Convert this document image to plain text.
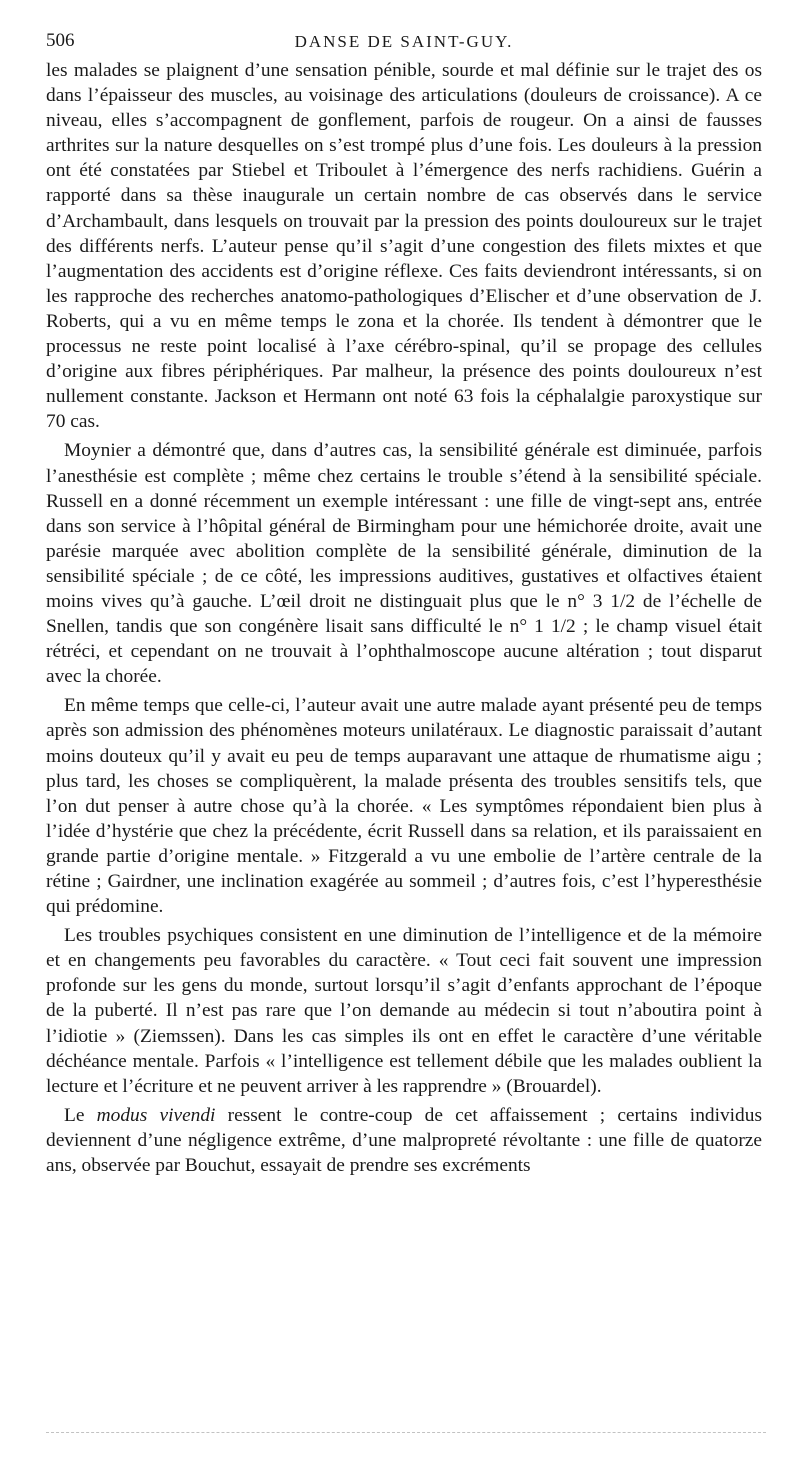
506	DANSE DE SAINT-GUY.

les malades se plaignent d’une sensation pénible, sourde et mal définie sur le trajet des os dans l’épaisseur des muscles, au voisinage des articulations (douleurs de croissance). A ce niveau, elles s’accompagnent de gonflement, parfois de rougeur. On a ainsi de fausses arthrites sur la nature desquelles on s’est trompé plus d’une fois. Les douleurs à la pression ont été constatées par Stiebel et Triboulet à l’émergence des nerfs rachidiens. Guérin a rapporté dans sa thèse inaugurale un certain nombre de cas observés dans le service d’Archambault, dans lesquels on trouvait par la pression des points douloureux sur le trajet des différents nerfs. L’auteur pense qu’il s’agit d’une congestion des filets mixtes et que l’augmentation des accidents est d’origine réflexe. Ces faits deviendront intéressants, si on les rapproche des recherches anatomo-pathologiques d’Elischer et d’une observation de J. Roberts, qui a vu en même temps le zona et la chorée. Ils tendent à démontrer que le processus ne reste point localisé à l’axe cérébro-spinal, qu’il se propage des cellules d’origine aux fibres périphériques. Par malheur, la présence des points douloureux n’est nullement constante. Jackson et Hermann ont noté 63 fois la céphalalgie paroxystique sur 70 cas.

Moynier a démontré que, dans d’autres cas, la sensibilité générale est diminuée, parfois l’anesthésie est complète ; même chez certains le trouble s’étend à la sensibilité spéciale. Russell en a donné récemment un exemple intéressant : une fille de vingt-sept ans, entrée dans son service à l’hôpital général de Birmingham pour une hémichorée droite, avait une parésie marquée avec abolition complète de la sensibilité générale, diminution de la sensibilité spéciale ; de ce côté, les impressions auditives, gustatives et olfactives étaient moins vives qu’à gauche. L’œil droit ne distinguait plus que le n° 3 1/2 de l’échelle de Snellen, tandis que son congénère lisait sans difficulté le n° 1 1/2 ; le champ visuel était rétréci, et cependant on ne trouvait à l’ophthalmoscope aucune altération ; tout disparut avec la chorée.

En même temps que celle-ci, l’auteur avait une autre malade ayant présenté peu de temps après son admission des phénomènes moteurs unilatéraux. Le diagnostic paraissait d’autant moins douteux qu’il y avait eu peu de temps auparavant une attaque de rhumatisme aigu ; plus tard, les choses se compliquèrent, la malade présenta des troubles sensitifs tels, que l’on dut penser à autre chose qu’à la chorée. « Les symptômes répondaient bien plus à l’idée d’hystérie que chez la précédente, écrit Russell dans sa relation, et ils paraissaient en grande partie d’origine mentale. » Fitzgerald a vu une embolie de l’artère centrale de la rétine ; Gairdner, une inclination exagérée au sommeil ; d’autres fois, c’est l’hyperesthésie qui prédomine.

Les troubles psychiques consistent en une diminution de l’intelligence et de la mémoire et en changements peu favorables du caractère. « Tout ceci fait souvent une impression profonde sur les gens du monde, surtout lorsqu’il s’agit d’enfants approchant de l’époque de la puberté. Il n’est pas rare que l’on demande au médecin si tout n’aboutira point à l’idiotie » (Ziemssen). Dans les cas simples ils ont en effet le caractère d’une véritable déchéance mentale. Parfois « l’intelligence est tellement débile que les malades oublient la lecture et l’écriture et ne peuvent arriver à les rapprendre » (Brouardel).

Le modus vivendi ressent le contre-coup de cet affaissement ; certains individus deviennent d’une négligence extrême, d’une malpropreté révoltante : une fille de quatorze ans, observée par Bouchut, essayait de prendre ses excréments
